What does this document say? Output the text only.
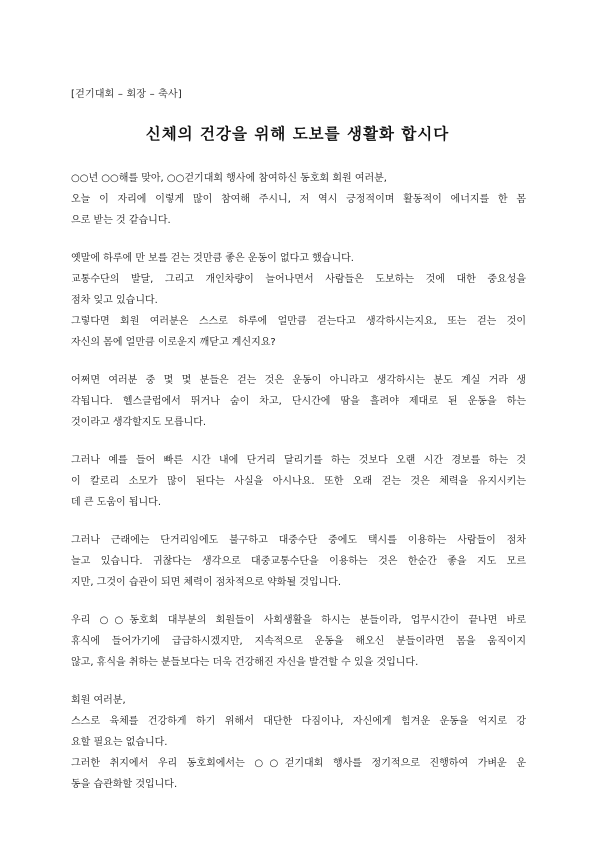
[걷기대회 – 회장 – 축사]
신체의 건강을 위해 도보를 생활화 합시다
○○년 ○○해를 맞아, ○○걷기대회 행사에 참여하신 동호회 회원 여러분,
오늘 이 자리에 이렇게 많이 참여해 주시니, 저 역시 긍정적이며 활동적이 에너지를 한 몸
으로 받는 것 같습니다.
옛말에 하루에 만 보를 걷는 것만큼 좋은 운동이 없다고 했습니다.
교통수단의 발달, 그리고 개인차량이 늘어나면서 사람들은 도보하는 것에 대한 중요성을
점차 잊고 있습니다.
그렇다면 회원 여러분은 스스로 하루에 얼만큼 걷는다고 생각하시는지요, 또는 걷는 것이
자신의 몸에 얼만큼 이로운지 깨닫고 계신지요?
어쩌면 여러분 중 몇 몇 분들은 걷는 것은 운동이 아니라고 생각하시는 분도 계실 거라 생
각됩니다. 헬스클럽에서 뛰거나 숨이 차고, 단시간에 땀을 흘려야 제대로 된 운동을 하는
것이라고 생각할지도 모릅니다.
그러나 예를 들어 빠른 시간 내에 단거리 달리기를 하는 것보다 오랜 시간 경보를 하는 것
이 칼로리 소모가 많이 된다는 사실을 아시나요. 또한 오래 걷는 것은 체력을 유지시키는
데 큰 도움이 됩니다.
그러나 근래에는 단거리임에도 불구하고 대중수단 중에도 택시를 이용하는 사람들이 점차
늘고 있습니다. 귀찮다는 생각으로 대중교통수단을 이용하는 것은 한순간 좋을 지도 모르
지만, 그것이 습관이 되면 체력이 점차적으로 약화될 것입니다.
우리 ○○동호회 대부분의 회원들이 사회생활을 하시는 분들이라, 업무시간이 끝나면 바로
휴식에 들어가기에 급급하시겠지만, 지속적으로 운동을 해오신 분들이라면 몸을 움직이지
않고, 휴식을 취하는 분들보다는 더욱 건강해진 자신을 발견할 수 있을 것입니다.
회원 여러분,
스스로 육체를 건강하게 하기 위해서 대단한 다짐이나, 자신에게 힘겨운 운동을 억지로 강
요할 필요는 없습니다.
그러한 취지에서 우리 동호회에서는 ○○걷기대회 행사를 정기적으로 진행하여 가벼운 운
동을 습관화할 것입니다.
